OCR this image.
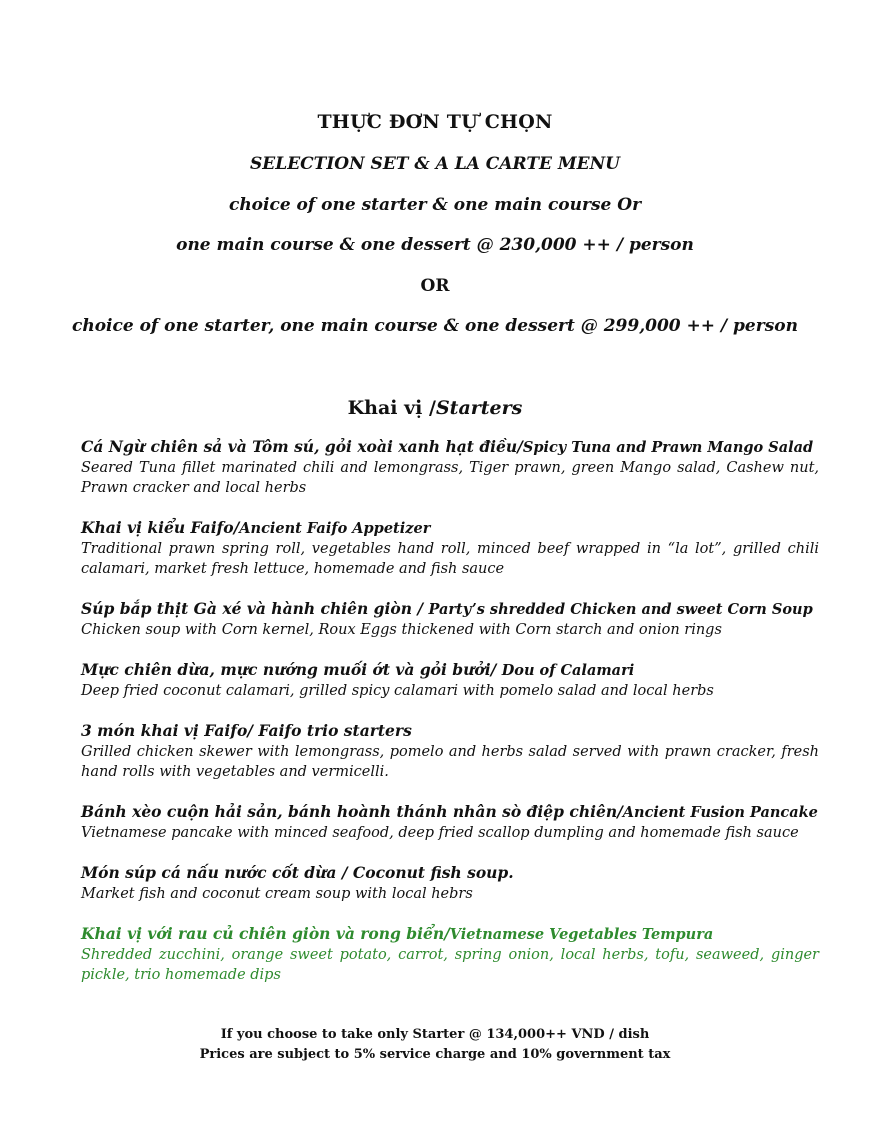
THỰC ĐƠN TỰ CHỌN
SELECTION SET & A LA CARTE MENU
choice of one starter & one main course Or
one main course & one dessert @ 230,000 ++ / person
OR
choice of one starter, one main course & one dessert @ 299,000 ++ / person
Khai vị /Starters
Cá Ngừ chiên sả và Tôm sú, gỏi xoài xanh hạt điều/Spicy Tuna and Prawn Mango Salad
Seared Tuna fillet marinated chili and lemongrass, Tiger prawn, green Mango salad, Cashew nut, Prawn cracker and local herbs
Khai vị kiểu Faifo/Ancient Faifo Appetizer
Traditional prawn spring roll, vegetables hand roll, minced beef wrapped in “la lot”, grilled chili calamari, market fresh lettuce, homemade and fish sauce
Súp bắp thịt Gà xé và hành chiên giòn / Party’s shredded Chicken and sweet Corn Soup
Chicken soup with Corn kernel, Roux Eggs thickened with Corn starch and onion rings
Mực chiên dừa, mực nướng muối ớt và gỏi bưởi/ Dou of Calamari
Deep fried coconut calamari, grilled spicy calamari with pomelo salad and local herbs
3 món khai vị Faifo/ Faifo trio starters
Grilled chicken skewer with lemongrass, pomelo and herbs salad served with prawn cracker, fresh hand rolls with vegetables and vermicelli.
Bánh xèo cuộn hải sản, bánh hoành thánh nhân sò điệp chiên/Ancient Fusion Pancake
Vietnamese pancake with minced seafood, deep fried scallop dumpling and homemade fish sauce
Món súp cá nấu nước cốt dừa / Coconut fish soup.
Market fish and coconut cream soup with local hebrs
Khai vị với rau củ chiên giòn và rong biển/Vietnamese Vegetables Tempura
Shredded zucchini, orange sweet potato, carrot, spring onion, local herbs, tofu, seaweed, ginger pickle, trio homemade dips
If you choose to take only Starter @ 134,000++ VND / dish
Prices are subject to 5% service charge and 10% government tax
